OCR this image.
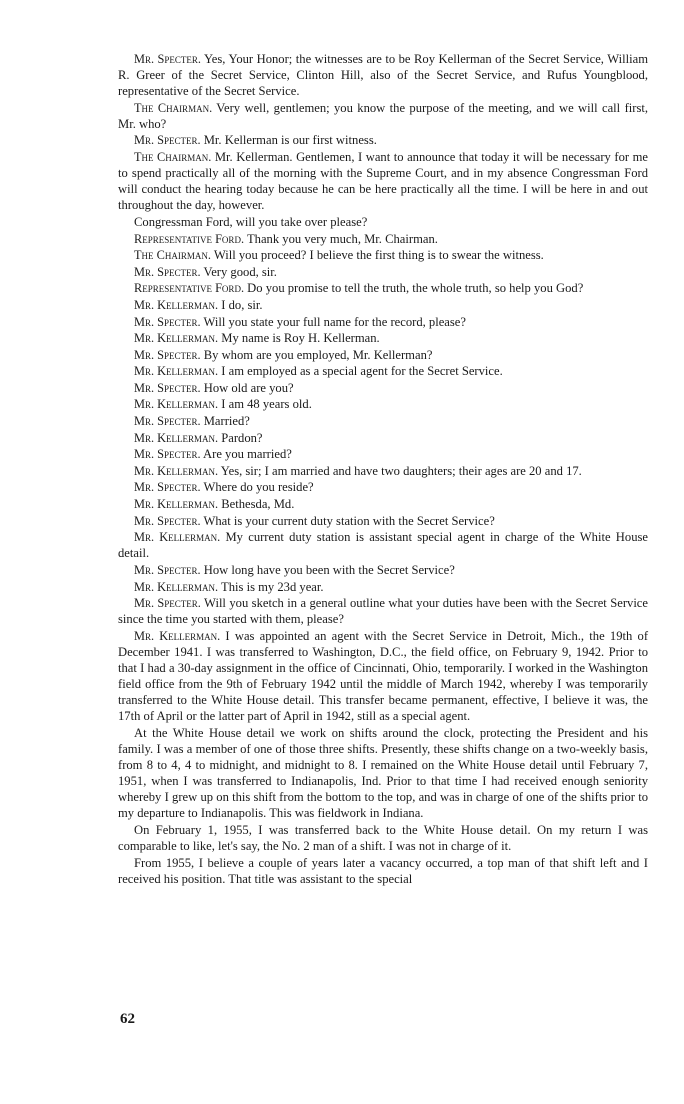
Mr. Specter. Yes, Your Honor; the witnesses are to be Roy Kellerman of the Secret Service, William R. Greer of the Secret Service, Clinton Hill, also of the Secret Service, and Rufus Youngblood, representative of the Secret Service.

The Chairman. Very well, gentlemen; you know the purpose of the meeting, and we will call first, Mr. who?

Mr. Specter. Mr. Kellerman is our first witness.

The Chairman. Mr. Kellerman. Gentlemen, I want to announce that today it will be necessary for me to spend practically all of the morning with the Supreme Court, and in my absence Congressman Ford will conduct the hearing today because he can be here practically all the time. I will be here in and out throughout the day, however.

Congressman Ford, will you take over please?

Representative Ford. Thank you very much, Mr. Chairman.

The Chairman. Will you proceed? I believe the first thing is to swear the witness.

Mr. Specter. Very good, sir.

Representative Ford. Do you promise to tell the truth, the whole truth, so help you God?

Mr. Kellerman. I do, sir.

Mr. Specter. Will you state your full name for the record, please?

Mr. Kellerman. My name is Roy H. Kellerman.

Mr. Specter. By whom are you employed, Mr. Kellerman?

Mr. Kellerman. I am employed as a special agent for the Secret Service.

Mr. Specter. How old are you?

Mr. Kellerman. I am 48 years old.

Mr. Specter. Married?

Mr. Kellerman. Pardon?

Mr. Specter. Are you married?

Mr. Kellerman. Yes, sir; I am married and have two daughters; their ages are 20 and 17.

Mr. Specter. Where do you reside?

Mr. Kellerman. Bethesda, Md.

Mr. Specter. What is your current duty station with the Secret Service?

Mr. Kellerman. My current duty station is assistant special agent in charge of the White House detail.

Mr. Specter. How long have you been with the Secret Service?

Mr. Kellerman. This is my 23d year.

Mr. Specter. Will you sketch in a general outline what your duties have been with the Secret Service since the time you started with them, please?

Mr. Kellerman. I was appointed an agent with the Secret Service in Detroit, Mich., the 19th of December 1941. I was transferred to Washington, D.C., the field office, on February 9, 1942. Prior to that I had a 30-day assignment in the office of Cincinnati, Ohio, temporarily. I worked in the Washington field office from the 9th of February 1942 until the middle of March 1942, whereby I was temporarily transferred to the White House detail. This transfer became permanent, effective, I believe it was, the 17th of April or the latter part of April in 1942, still as a special agent.

At the White House detail we work on shifts around the clock, protecting the President and his family. I was a member of one of those three shifts. Presently, these shifts change on a two-weekly basis, from 8 to 4, 4 to midnight, and midnight to 8. I remained on the White House detail until February 7, 1951, when I was transferred to Indianapolis, Ind. Prior to that time I had received enough seniority whereby I grew up on this shift from the bottom to the top, and was in charge of one of the shifts prior to my departure to Indianapolis. This was fieldwork in Indiana.

On February 1, 1955, I was transferred back to the White House detail. On my return I was comparable to like, let's say, the No. 2 man of a shift. I was not in charge of it.

From 1955, I believe a couple of years later a vacancy occurred, a top man of that shift left and I received his position. That title was assistant to the special

62
